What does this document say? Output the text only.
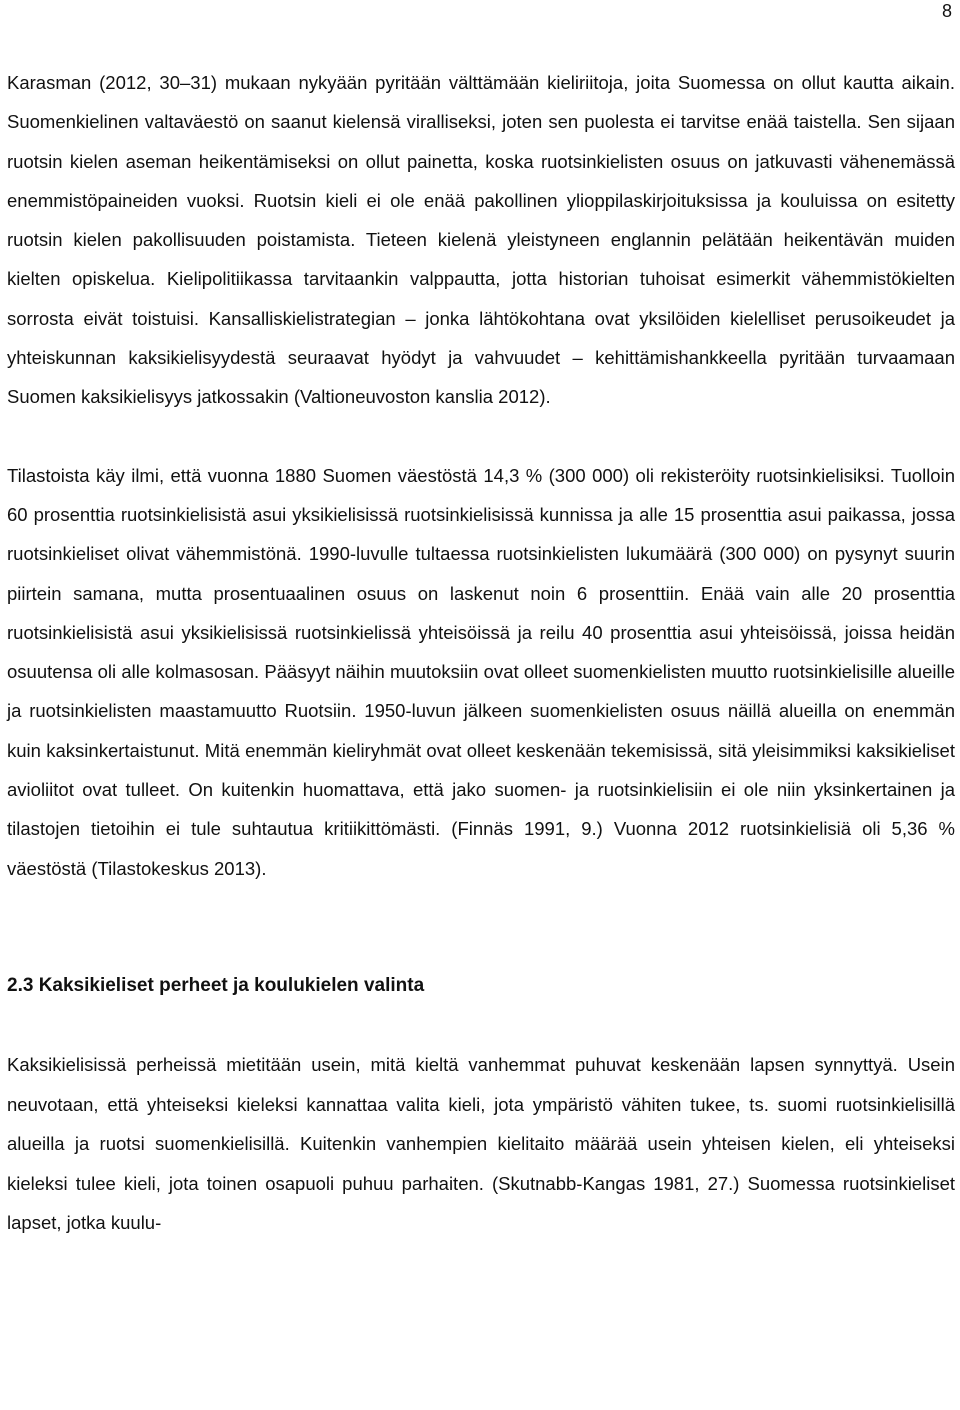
8

Karasman (2012, 30–31) mukaan nykyään pyritään välttämään kieliriitoja, joita Suomessa on ollut kautta aikain. Suomenkielinen valtaväestö on saanut kielensä viralliseksi, joten sen puolesta ei tarvitse enää taistella. Sen sijaan ruotsin kielen aseman heikentämiseksi on ollut painetta, koska ruotsinkielisten osuus on jatkuvasti vähenemässä enemmistöpaineiden vuoksi. Ruotsin kieli ei ole enää pakollinen ylioppilaskirjoituksissa ja kouluissa on esitetty ruotsin kielen pakollisuuden poistamista. Tieteen kielenä yleistyneen englannin pelätään heikentävän muiden kielten opiskelua. Kielipolitiikassa tarvitaankin valppautta, jotta historian tuhoisat esimerkit vähemmistökielten sorrosta eivät toistuisi. Kansalliskielistrategian – jonka lähtökohtana ovat yksilöiden kielelliset perusoikeudet ja yhteiskunnan kaksikielisyydestä seuraavat hyödyt ja vahvuudet – kehittämishankkeella pyritään turvaamaan Suomen kaksikielisyys jatkossakin (Valtioneuvoston kanslia 2012).

Tilastoista käy ilmi, että vuonna 1880 Suomen väestöstä 14,3 % (300 000) oli rekisteröity ruotsinkielisiksi. Tuolloin 60 prosenttia ruotsinkielisistä asui yksikielisissä ruotsinkielisissä kunnissa ja alle 15 prosenttia asui paikassa, jossa ruotsinkieliset olivat vähemmistönä. 1990-luvulle tultaessa ruotsinkielisten lukumäärä (300 000) on pysynyt suurin piirtein samana, mutta prosentuaalinen osuus on laskenut noin 6 prosenttiin. Enää vain alle 20 prosenttia ruotsinkielisistä asui yksikielisissä ruotsinkielissä yhteisöissä ja reilu 40 prosenttia asui yhteisöissä, joissa heidän osuutensa oli alle kolmasosan. Pääsyyt näihin muutoksiin ovat olleet suomenkielisten muutto ruotsinkielisille alueille ja ruotsinkielisten maastamuutto Ruotsiin. 1950-luvun jälkeen suomenkielisten osuus näillä alueilla on enemmän kuin kaksinkertaistunut. Mitä enemmän kieliryhmät ovat olleet keskenään tekemisissä, sitä yleisimmiksi kaksikieliset avioliitot ovat tulleet. On kuitenkin huomattava, että jako suomen- ja ruotsinkielisiin ei ole niin yksinkertainen ja tilastojen tietoihin ei tule suhtautua kritiikittömästi. (Finnäs 1991, 9.) Vuonna 2012 ruotsinkielisiä oli 5,36 % väestöstä (Tilastokeskus 2013).

2.3 Kaksikieliset perheet ja koulukielen valinta

Kaksikielisissä perheissä mietitään usein, mitä kieltä vanhemmat puhuvat keskenään lapsen synnyttyä. Usein neuvotaan, että yhteiseksi kieleksi kannattaa valita kieli, jota ympäristö vähiten tukee, ts. suomi ruotsinkielisillä alueilla ja ruotsi suomenkielisillä. Kuitenkin vanhempien kielitaito määrää usein yhteisen kielen, eli yhteiseksi kieleksi tulee kieli, jota toinen osapuoli puhuu parhaiten. (Skutnabb-Kangas 1981, 27.) Suomessa ruotsinkieliset lapset, jotka kuulu-
